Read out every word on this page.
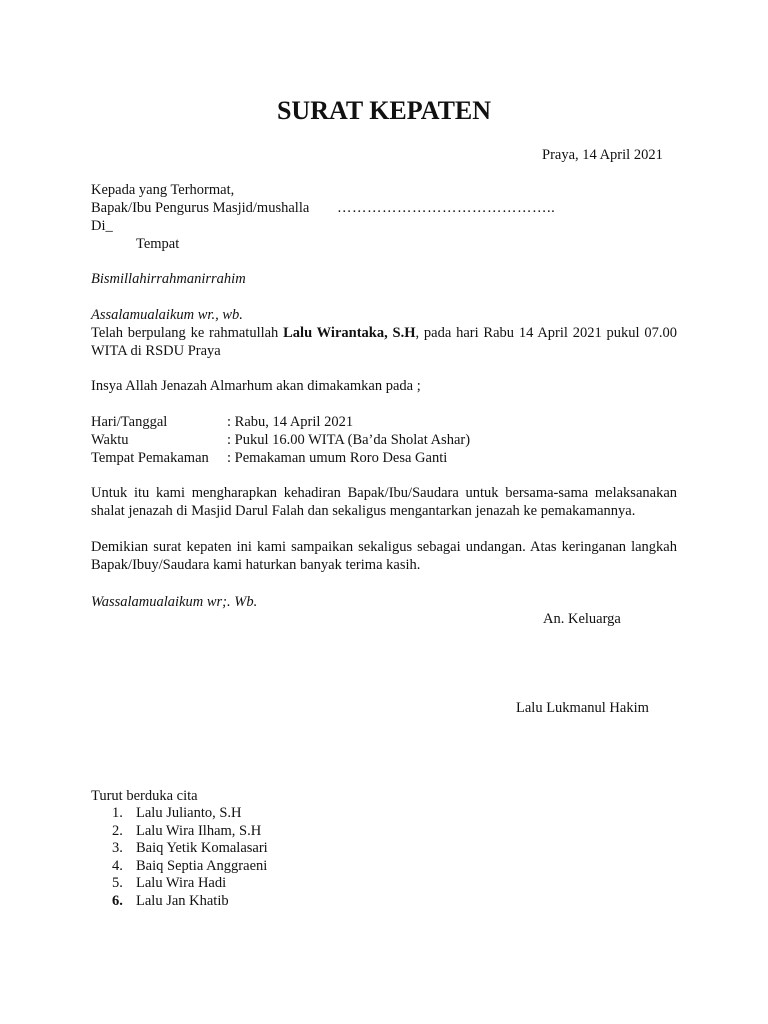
SURAT KEPATEN
Praya, 14 April 2021
Kepada yang Terhormat,
Bapak/Ibu Pengurus Masjid/mushalla ……………………………………..
Di_
Tempat
Bismillahirrahmanirrahim
Assalamualaikum wr., wb.
Telah berpulang ke rahmatullah Lalu Wirantaka, S.H, pada hari Rabu 14 April 2021 pukul 07.00 WITA di RSDU Praya
Insya Allah Jenazah Almarhum akan dimakamkan pada ;
Hari/Tanggal	: Rabu, 14 April 2021
Waktu	: Pukul 16.00 WITA (Ba’da Sholat Ashar)
Tempat Pemakaman : Pemakaman umum Roro Desa Ganti
Untuk itu kami mengharapkan kehadiran Bapak/Ibu/Saudara untuk bersama-sama melaksanakan shalat jenazah di Masjid Darul Falah dan sekaligus mengantarkan jenazah ke pemakamannya.
Demikian surat kepaten ini kami sampaikan sekaligus sebagai undangan. Atas keringanan langkah Bapak/Ibuy/Saudara kami haturkan banyak terima kasih.
Wassalamualaikum wr;. Wb.
An. Keluarga
Lalu Lukmanul Hakim
Turut berduka cita
1. Lalu Julianto, S.H
2. Lalu Wira Ilham, S.H
3. Baiq Yetik Komalasari
4. Baiq Septia Anggraeni
5. Lalu Wira Hadi
6. Lalu Jan Khatib
